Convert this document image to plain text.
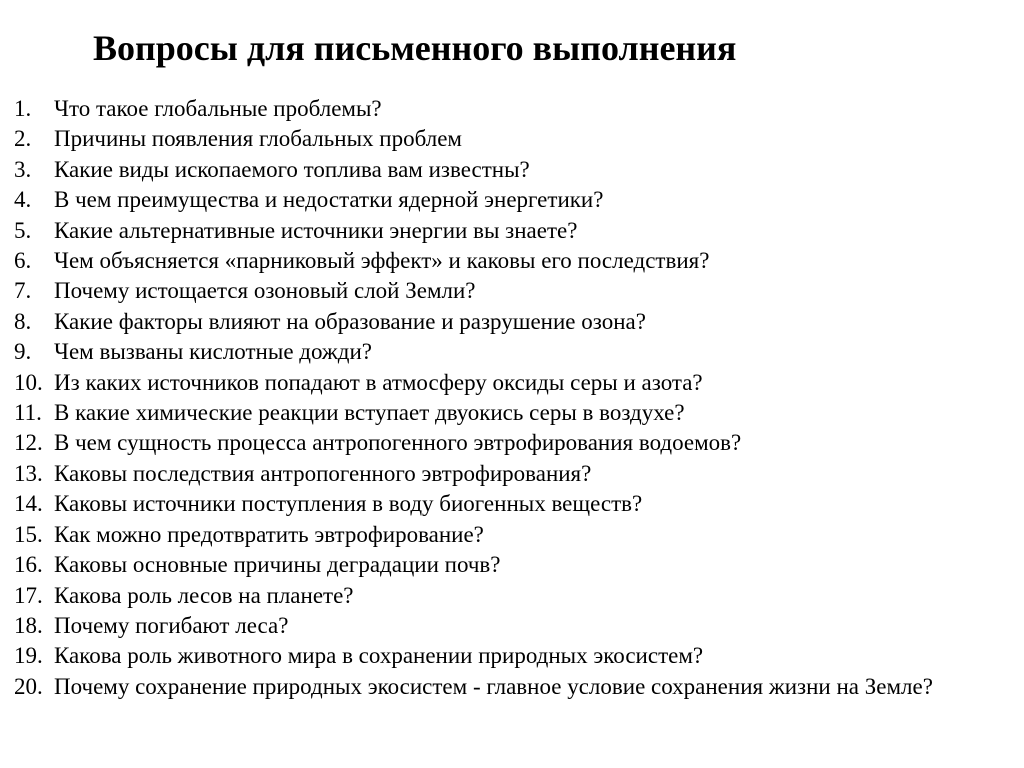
Вопросы для письменного выполнения
1. Что такое глобальные проблемы?
2. Причины появления глобальных проблем
3. Какие виды ископаемого топлива вам известны?
4. В чем преимущества и недостатки ядерной энергетики?
5. Какие альтернативные источники энергии вы знаете?
6. Чем объясняется «парниковый эффект» и каковы его последствия?
7. Почему истощается озоновый слой Земли?
8. Какие факторы влияют на образование и разрушение озона?
9. Чем вызваны кислотные дожди?
10. Из каких источников попадают в атмосферу оксиды серы и азота?
11. В какие химические реакции вступает двуокись серы в воздухе?
12. В чем сущность процесса антропогенного эвтрофирования водоемов?
13. Каковы последствия антропогенного эвтрофирования?
14. Каковы источники поступления в воду биогенных веществ?
15. Как можно предотвратить эвтрофирование?
16. Каковы основные причины деградации почв?
17. Какова роль лесов на планете?
18. Почему погибают леса?
19. Какова роль животного мира в сохранении природных экосистем?
20. Почему сохранение природных экосистем - главное условие сохранения жизни на Земле?
